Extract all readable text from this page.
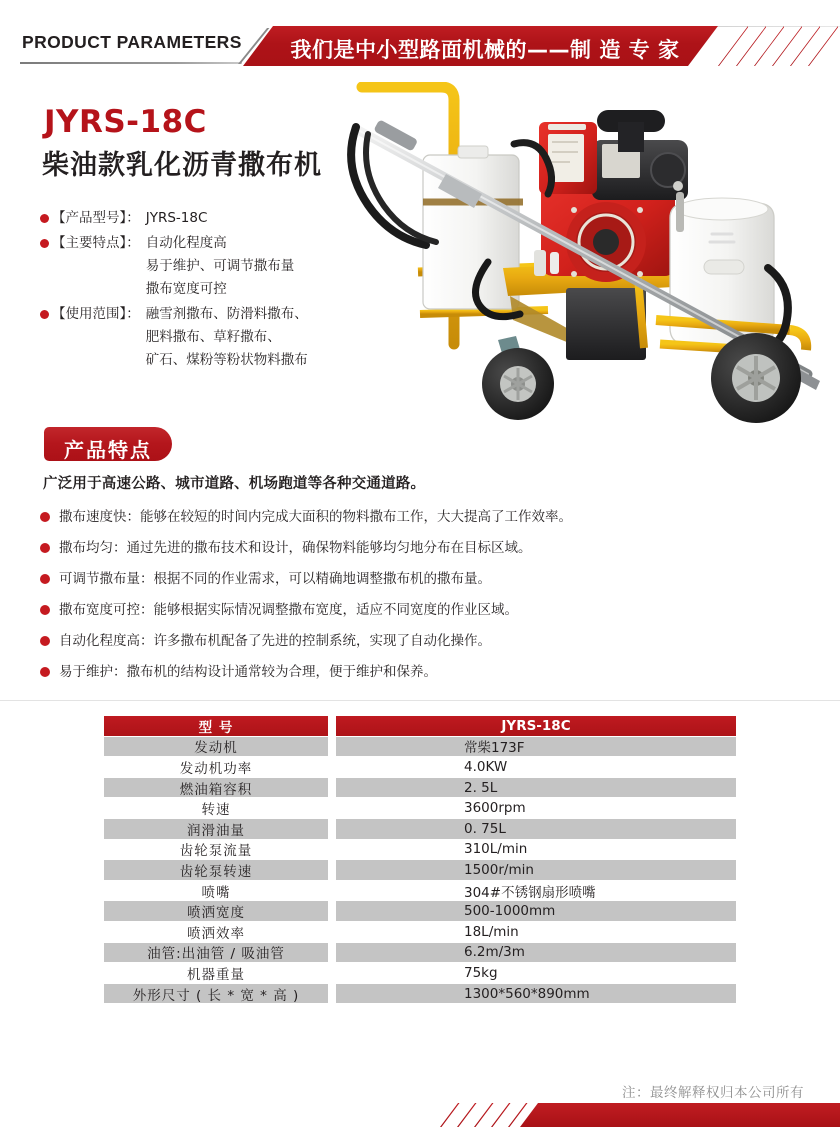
PRODUCT PARAMETERS 我们是中小型路面机械的——制 造 专 家
JYRS-18C
柴油款乳化沥青撒布机
【产品型号】： JYRS-18C
【主要特点】： 自动化程度高
易于维护、可调节撒布量
撒布宽度可控
【使用范围】： 融雪剂撒布、防滑料撒布、
肥料撒布、草籽撒布、
矿石、煤粉等粉状物料撒布
产品特点
广泛用于高速公路、城市道路、机场跑道等各种交通道路。
撒布速度快：能够在较短的时间内完成大面积的物料撒布工作，大大提高了工作效率。
撒布均匀：通过先进的撒布技术和设计，确保物料能够均匀地分布在目标区域。
可调节撒布量：根据不同的作业需求，可以精确地调整撒布机的撒布量。
撒布宽度可控：能够根据实际情况调整撒布宽度，适应不同宽度的作业区域。
自动化程度高：许多撒布机配备了先进的控制系统，实现了自动化操作。
易于维护：撒布机的结构设计通常较为合理，便于维护和保养。
型 号	JYRS-18C
发动机	常柴173F
发动机功率	4.0KW
燃油箱容积	2. 5L
转速	3600rpm
润滑油量	0. 75L
齿轮泵流量	310L/min
齿轮泵转速	1500r/min
喷嘴	304#不锈钢扇形喷嘴
喷洒宽度	500-1000mm
喷洒效率	18L/min
油管:出油管 / 吸油管	6.2m/3m
机器重量	75kg
外形尺寸 ( 长 * 宽 * 高 )	1300*560*890mm
注：最终解释权归本公司所有
